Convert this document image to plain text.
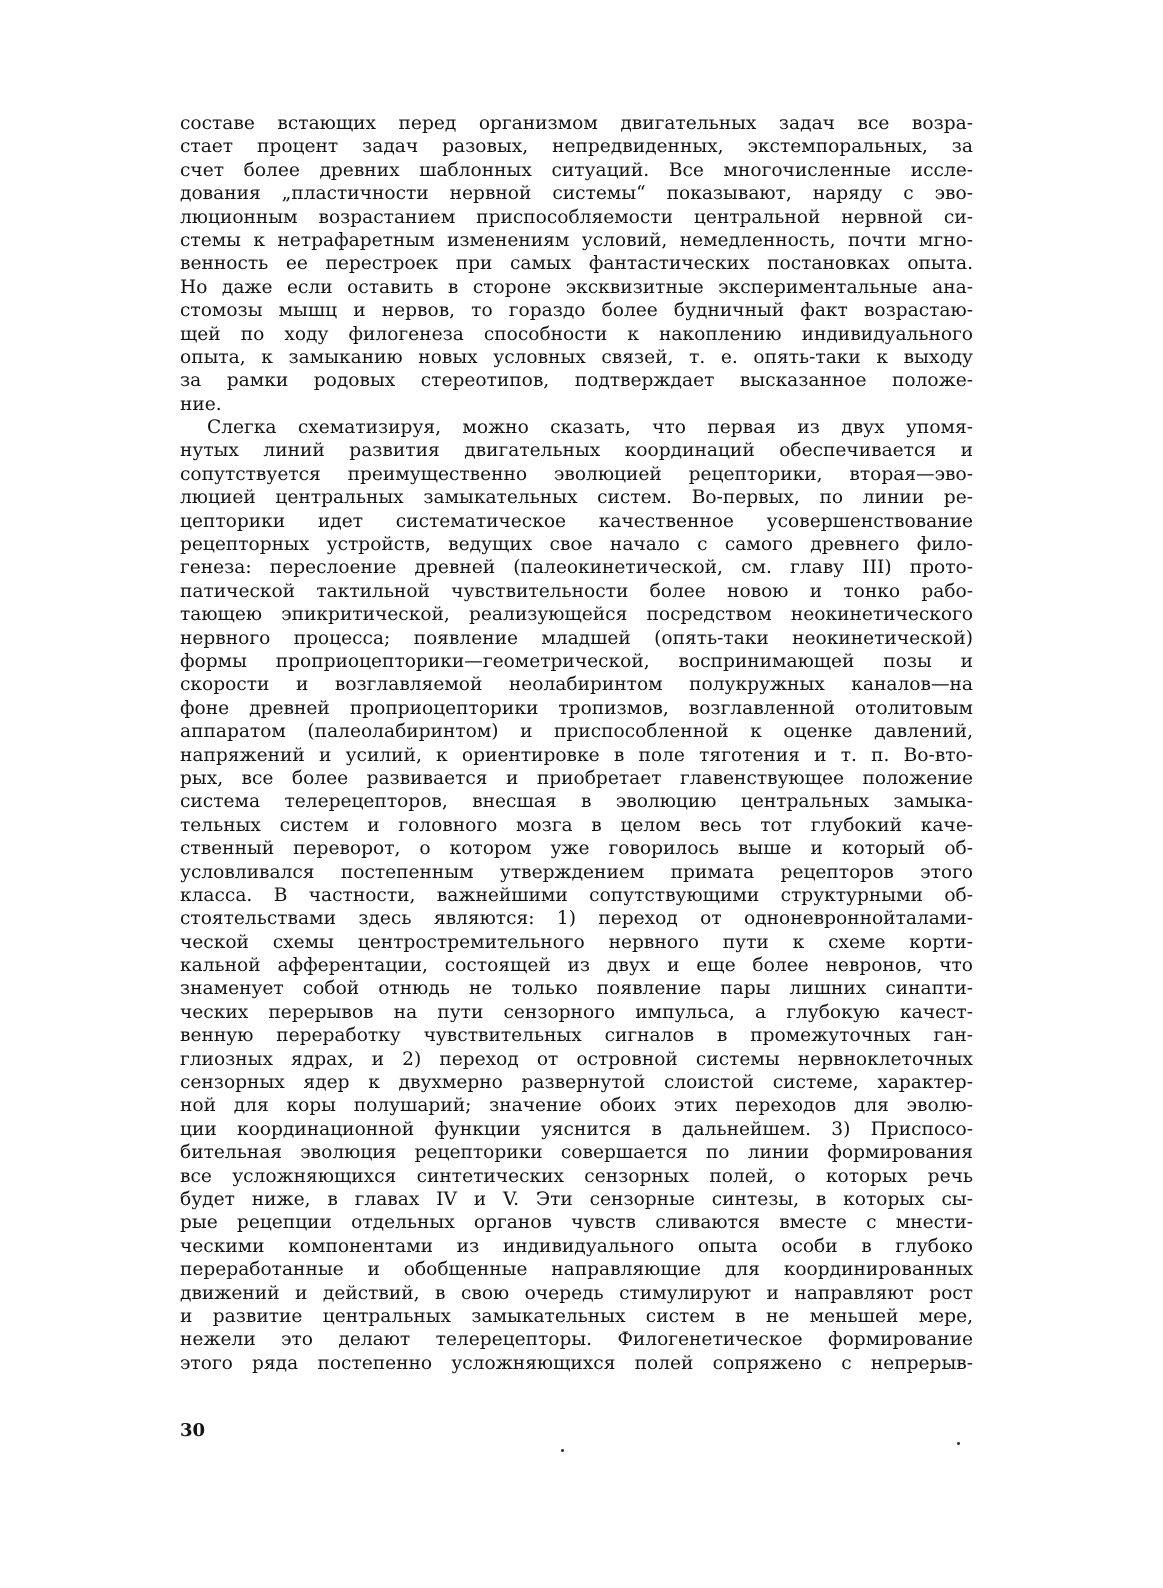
составе встающих перед организмом двигательных задач все возра-
стает процент задач разовых, непредвиденных, экстемпоральных, за
счет более древних шаблонных ситуаций. Все многочисленные иссле-
дования „пластичности нервной системы“ показывают, наряду с эво-
люционным возрастанием приспособляемости центральной нервной си-
стемы к нетрафаретным изменениям условий, немедленность, почти мгно-
венность ее перестроек при самых фантастических постановках опыта.
Но даже если оставить в стороне эксквизитные экспериментальные ана-
стомозы мышц и нервов, то гораздо более будничный факт возрастаю-
щей по ходу филогенеза способности к накоплению индивидуального
опыта, к замыканию новых условных связей, т. е. опять-таки к выходу
за рамки родовых стереотипов, подтверждает высказанное положе-
ние.
Слегка схематизируя, можно сказать, что первая из двух упомя-
нутых линий развития двигательных координаций обеспечивается и
сопутствуется преимущественно эволюцией рецепторики, вторая—эво-
люцией центральных замыкательных систем. Во-первых, по линии ре-
цепторики идет систематическое качественное усовершенствование
рецепторных устройств, ведущих свое начало с самого древнего фило-
генеза: переслоение древней (палеокинетической, см. главу III) прото-
патической тактильной чувствительности более новою и тонко рабо-
тающею эпикритической, реализующейся посредством неокинетического
нервного процесса; появление младшей (опять-таки неокинетической)
формы проприоцепторики—геометрической, воспринимающей позы и
скорости и возглавляемой неолабиринтом полукружных каналов—на
фоне древней проприоцепторики тропизмов, возглавленной отолитовым
аппаратом (палеолабиринтом) и приспособленной к оценке давлений,
напряжений и усилий, к ориентировке в поле тяготения и т. п. Во-вто-
рых, все более развивается и приобретает главенствующее положение
система телерецепторов, внесшая в эволюцию центральных замыка-
тельных систем и головного мозга в целом весь тот глубокий каче-
ственный переворот, о котором уже говорилось выше и который об-
условливался постепенным утверждением примата рецепторов этого
класса. В частности, важнейшими сопутствующими структурными об-
стоятельствами здесь являются: 1) переход от одноневроннойталами-
ческой схемы центростремительного нервного пути к схеме корти-
кальной афферентации, состоящей из двух и еще более невронов, что
знаменует собой отнюдь не только появление пары лишних синапти-
ческих перерывов на пути сензорного импульса, а глубокую качест-
венную переработку чувствительных сигналов в промежуточных ган-
глиозных ядрах, и 2) переход от островной системы нервноклеточных
сензорных ядер к двухмерно развернутой слоистой системе, характер-
ной для коры полушарий; значение обоих этих переходов для эволю-
ции координационной функции уяснится в дальнейшем. 3) Приспосо-
бительная эволюция рецепторики совершается по линии формирования
все усложняющихся синтетических сензорных полей, о которых речь
будет ниже, в главах IV и V. Эти сензорные синтезы, в которых сы-
рые рецепции отдельных органов чувств сливаются вместе с мнести-
ческими компонентами из индивидуального опыта особи в глубоко
переработанные и обобщенные направляющие для координированных
движений и действий, в свою очередь стимулируют и направляют рост
и развитие центральных замыкательных систем в не меньшей мере,
нежели это делают телерецепторы. Филогенетическое формирование
этого ряда постепенно усложняющихся полей сопряжено с непрерыв-
30
